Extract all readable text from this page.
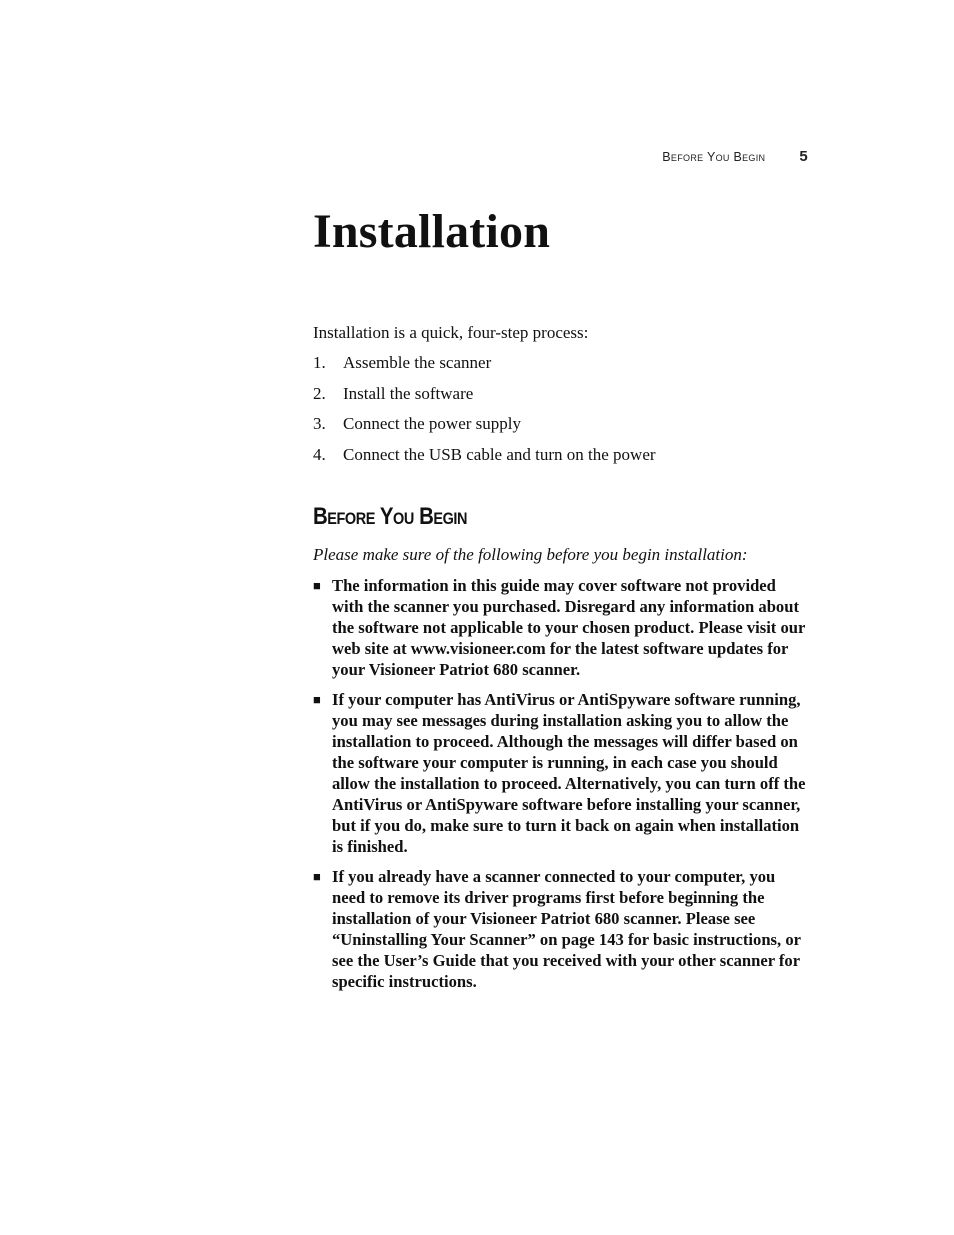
Before You Begin 5
Installation

Installation is a quick, four-step process:

1.	Assemble the scanner
2.	Install the software
3.	Connect the power supply
4.	Connect the USB cable and turn on the power
Before You Begin

Please make sure of the following before you begin installation:

■ The information in this guide may cover software not provided with the scanner you purchased. Disregard any information about the software not applicable to your chosen product. Please visit our web site at www.visioneer.com for the latest software updates for your Visioneer Patriot 680 scanner.
■ If your computer has AntiVirus or AntiSpyware software running, you may see messages during installation asking you to allow the installation to proceed. Although the messages will differ based on the software your computer is running, in each case you should allow the installation to proceed. Alternatively, you can turn off the AntiVirus or AntiSpyware software before installing your scanner, but if you do, make sure to turn it back on again when installation is finished.
■ If you already have a scanner connected to your computer, you need to remove its driver programs first before beginning the installation of your Visioneer Patriot 680 scanner. Please see “Uninstalling Your Scanner” on page 143 for basic instructions, or see the User’s Guide that you received with your other scanner for specific instructions.
